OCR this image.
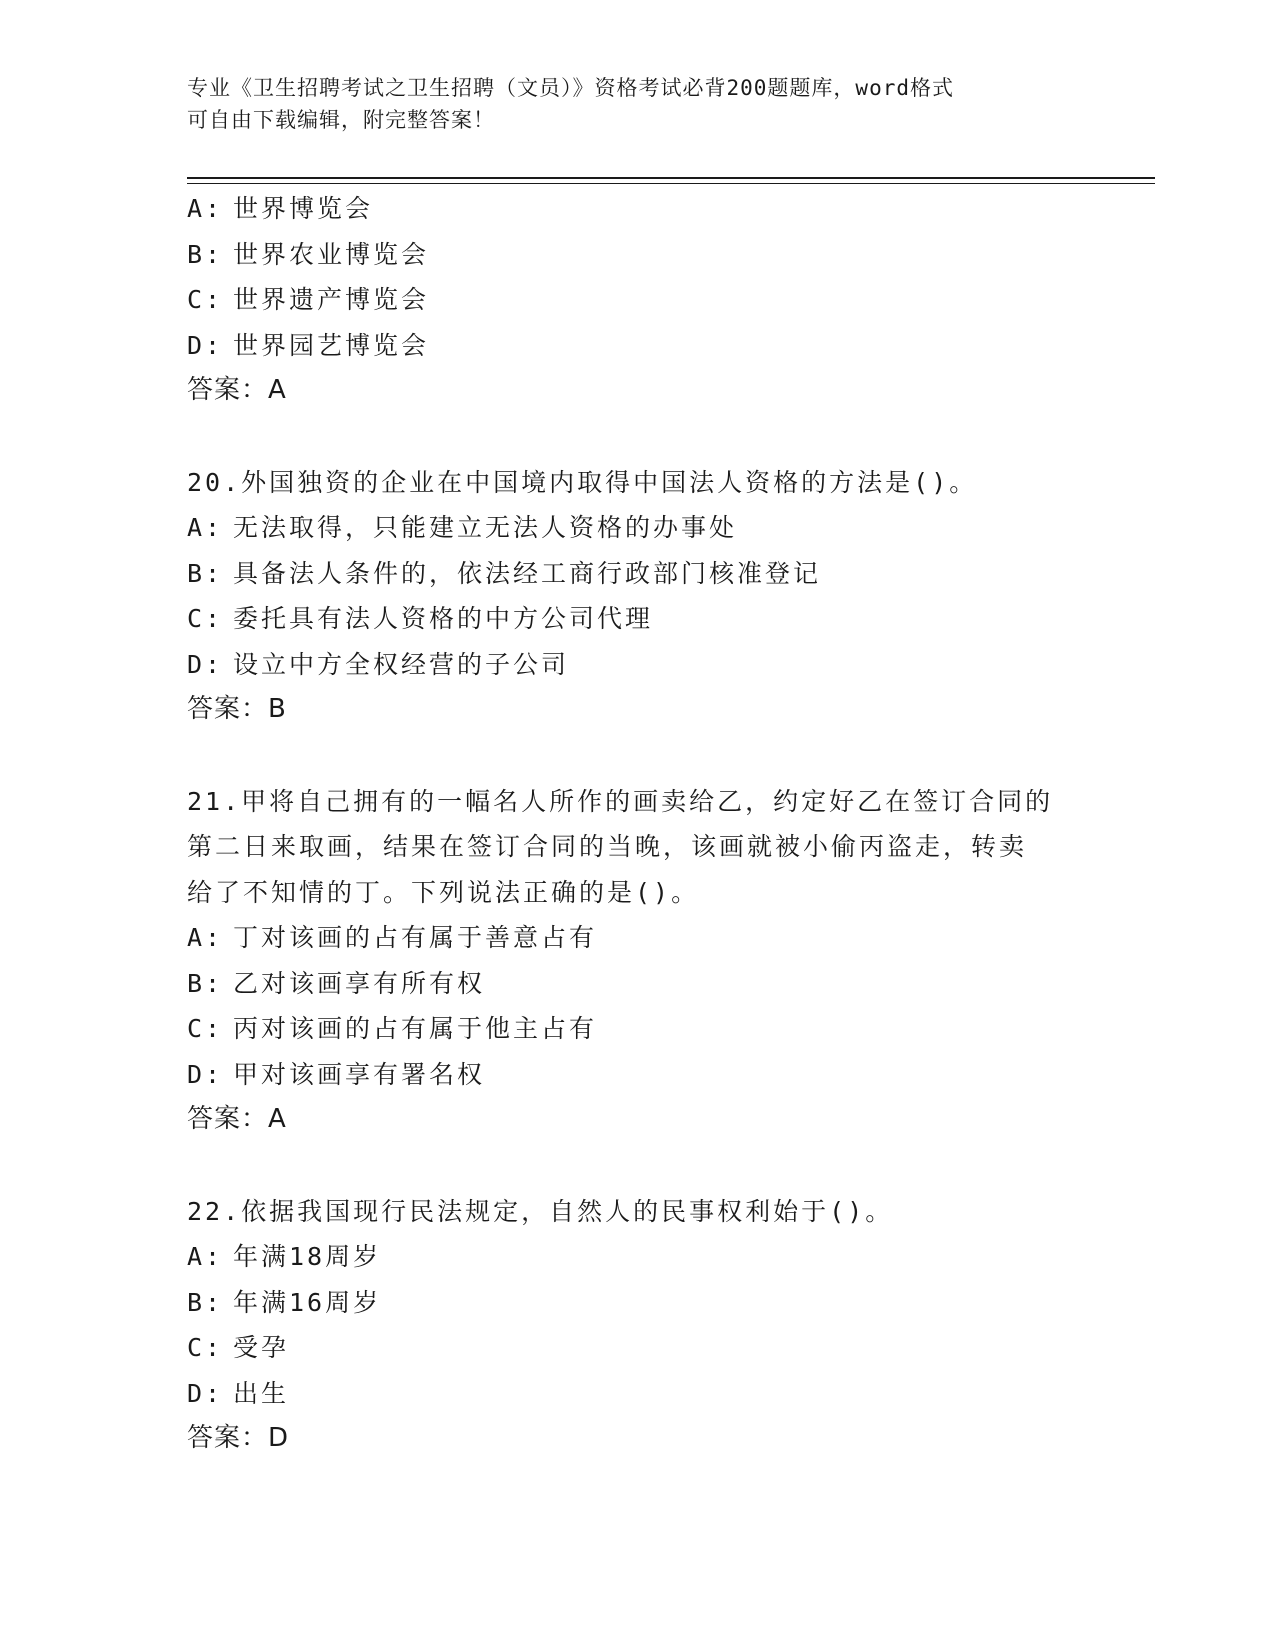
专业《卫生招聘考试之卫生招聘（文员）》资格考试必背200题题库，word格式
可自由下载编辑，附完整答案！
A: 世界博览会
B: 世界农业博览会
C: 世界遗产博览会
D: 世界园艺博览会
答案：A
20.外国独资的企业在中国境内取得中国法人资格的方法是()。
A: 无法取得，只能建立无法人资格的办事处
B: 具备法人条件的，依法经工商行政部门核准登记
C: 委托具有法人资格的中方公司代理
D: 设立中方全权经营的子公司
答案：B
21.甲将自己拥有的一幅名人所作的画卖给乙，约定好乙在签订合同的
第二日来取画，结果在签订合同的当晚，该画就被小偷丙盗走，转卖
给了不知情的丁。下列说法正确的是()。
A: 丁对该画的占有属于善意占有
B: 乙对该画享有所有权
C: 丙对该画的占有属于他主占有
D: 甲对该画享有署名权
答案：A
22.依据我国现行民法规定，自然人的民事权利始于()。
A: 年满18周岁
B: 年满16周岁
C: 受孕
D: 出生
答案：D
